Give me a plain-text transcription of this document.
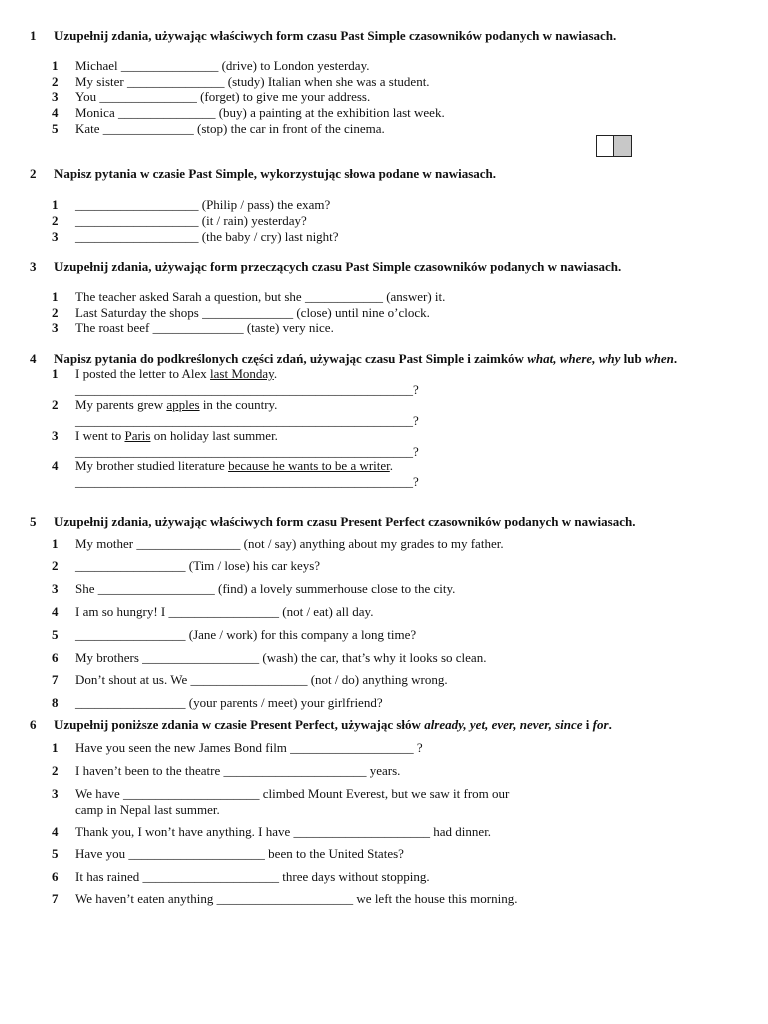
1	Uzupełnij zdania, używając właściwych form czasu Past Simple czasowników podanych w nawiasach.
1	Michael _______________ (drive) to London yesterday.
2	My sister _______________ (study) Italian when she was a student.
3	You _______________ (forget) to give me your address.
4	Monica _______________ (buy) a painting at the exhibition last week.
5	Kate ______________ (stop) the car in front of the cinema.
2	Napisz pytania w czasie Past Simple, wykorzystując słowa podane w nawiasach.
1	___________________ (Philip / pass) the exam?
2	___________________ (it / rain) yesterday?
3	___________________ (the baby / cry) last night?
3	Uzupełnij zdania, używając form przeczących czasu Past Simple czasowników podanych w nawiasach.
1	The teacher asked Sarah a question, but she ____________ (answer) it.
2	Last Saturday the shops ______________ (close) until nine o’clock.
3	The roast beef ______________ (taste) very nice.
4	Napisz pytania do podkreślonych części zdań, używając czasu Past Simple i zaimków what, where, why lub when.
1	I posted the letter to Alex last Monday.
____________________________________________________?
2	My parents grew apples in the country.
____________________________________________________?
3	I went to Paris on holiday last summer.
____________________________________________________?
4	My brother studied literature because he wants to be a writer.
____________________________________________________?
5	Uzupełnij zdania, używając właściwych form czasu Present Perfect czasowników podanych w nawiasach.
1	My mother ________________ (not / say) anything about my grades to my father.
2	_________________ (Tim / lose) his car keys?
3	She __________________ (find) a lovely summerhouse close to the city.
4	I am so hungry! I _________________ (not / eat) all day.
5	_________________ (Jane / work) for this company a long time?
6	My brothers __________________ (wash) the car, that’s why it looks so clean.
7	Don’t shout at us. We __________________ (not / do) anything wrong.
8	_________________ (your parents / meet) your girlfriend?
6	Uzupełnij poniższe zdania w czasie Present Perfect, używając słów already, yet, ever, never, since i for.
1	Have you seen the new James Bond film ___________________ ?
2	I haven’t been to the theatre ______________________ years.
3	We have _____________________ climbed Mount Everest, but we saw it from our
camp in Nepal last summer.
4	Thank you, I won’t have anything. I have _____________________ had dinner.
5	Have you _____________________ been to the United States?
6	It has rained _____________________ three days without stopping.
7	We haven’t eaten anything _____________________ we left the house this morning.
